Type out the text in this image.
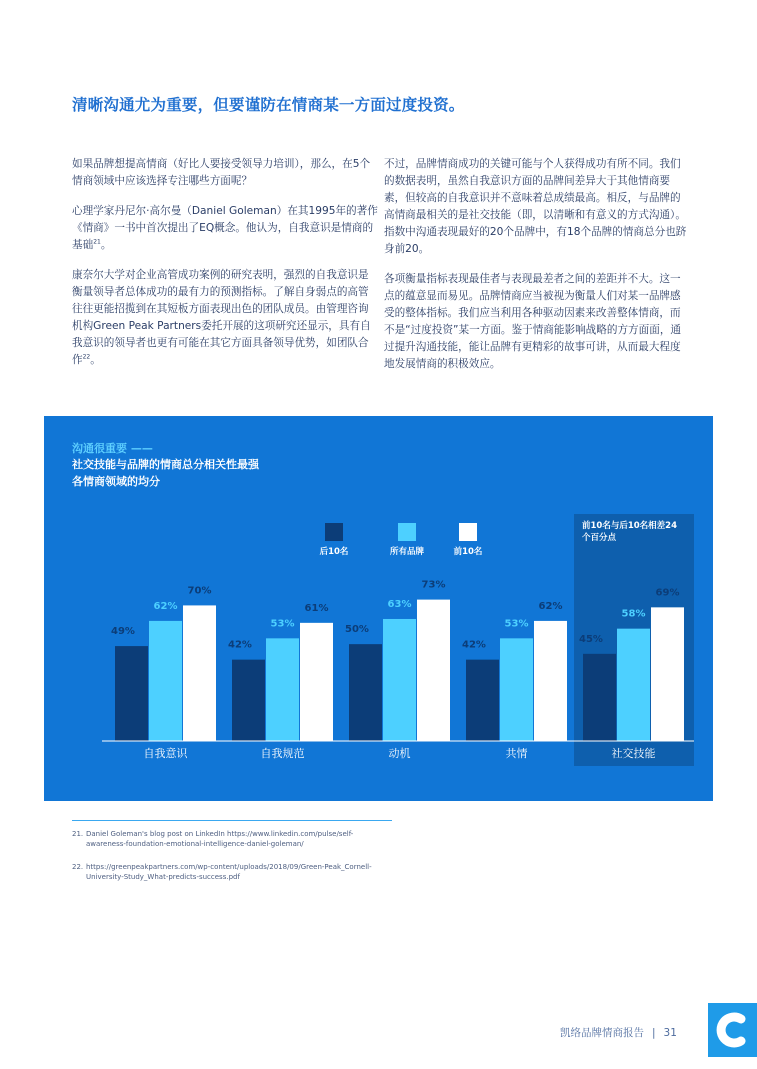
清晰沟通尤为重要，但要谨防在情商某一方面过度投资。

如果品牌想提高情商（好比人要接受领导力培训），那么，在5个情商领域中应该选择专注哪些方面呢？

心理学家丹尼尔·高尔曼（Daniel Goleman）在其1995年的著作《情商》一书中首次提出了EQ概念。他认为，自我意识是情商的基础$^{21}$。

康奈尔大学对企业高管成功案例的研究表明，强烈的自我意识是衡量领导者总体成功的最有力的预测指标。了解自身弱点的高管往往更能招揽到在其短板方面表现出色的团队成员。由管理咨询机构Green Peak Partners委托开展的这项研究还显示，具有自我意识的领导者也更有可能在其它方面具备领导优势，如团队合作$^{22}$。

不过，品牌情商成功的关键可能与个人获得成功有所不同。我们的数据表明，虽然自我意识方面的品牌间差异大于其他情商要素，但较高的自我意识并不意味着总成绩最高。相反，与品牌的高情商最相关的是社交技能（即，以清晰和有意义的方式沟通）。指数中沟通表现最好的20个品牌中，有18个品牌的情商总分也跻身前20。

各项衡量指标表现最佳者与表现最差者之间的差距并不大。这一点的蕴意显而易见。品牌情商应当被视为衡量人们对某一品牌感受的整体指标。我们应当利用各种驱动因素来改善整体情商，而不是“过度投资”某一方面。鉴于情商能影响战略的方方面面，通过提升沟通技能，能让品牌有更精彩的故事可讲，从而最大程度地发展情商的积极效应。

沟通很重要 ——
社交技能与品牌的情商总分相关性最强
各情商领域的均分
前10名与后10名相差24 个百分点
后10名	所有品牌	前10名
49%
62%
70%
自我意识
42%
53%
61%
自我规范
50%
63%
73%
动机
42%
53%
62%
共情
45%
58%
69%
社交技能
21. Daniel Goleman's blog post on LinkedIn https://www.linkedin.com/pulse/self-awareness-foundation-emotional-intelligence-daniel-goleman/
22. https://greenpeakpartners.com/wp-content/uploads/2018/09/Green-Peak_Cornell-University-Study_What-predicts-success.pdf
凯络品牌情商报告 | 31
